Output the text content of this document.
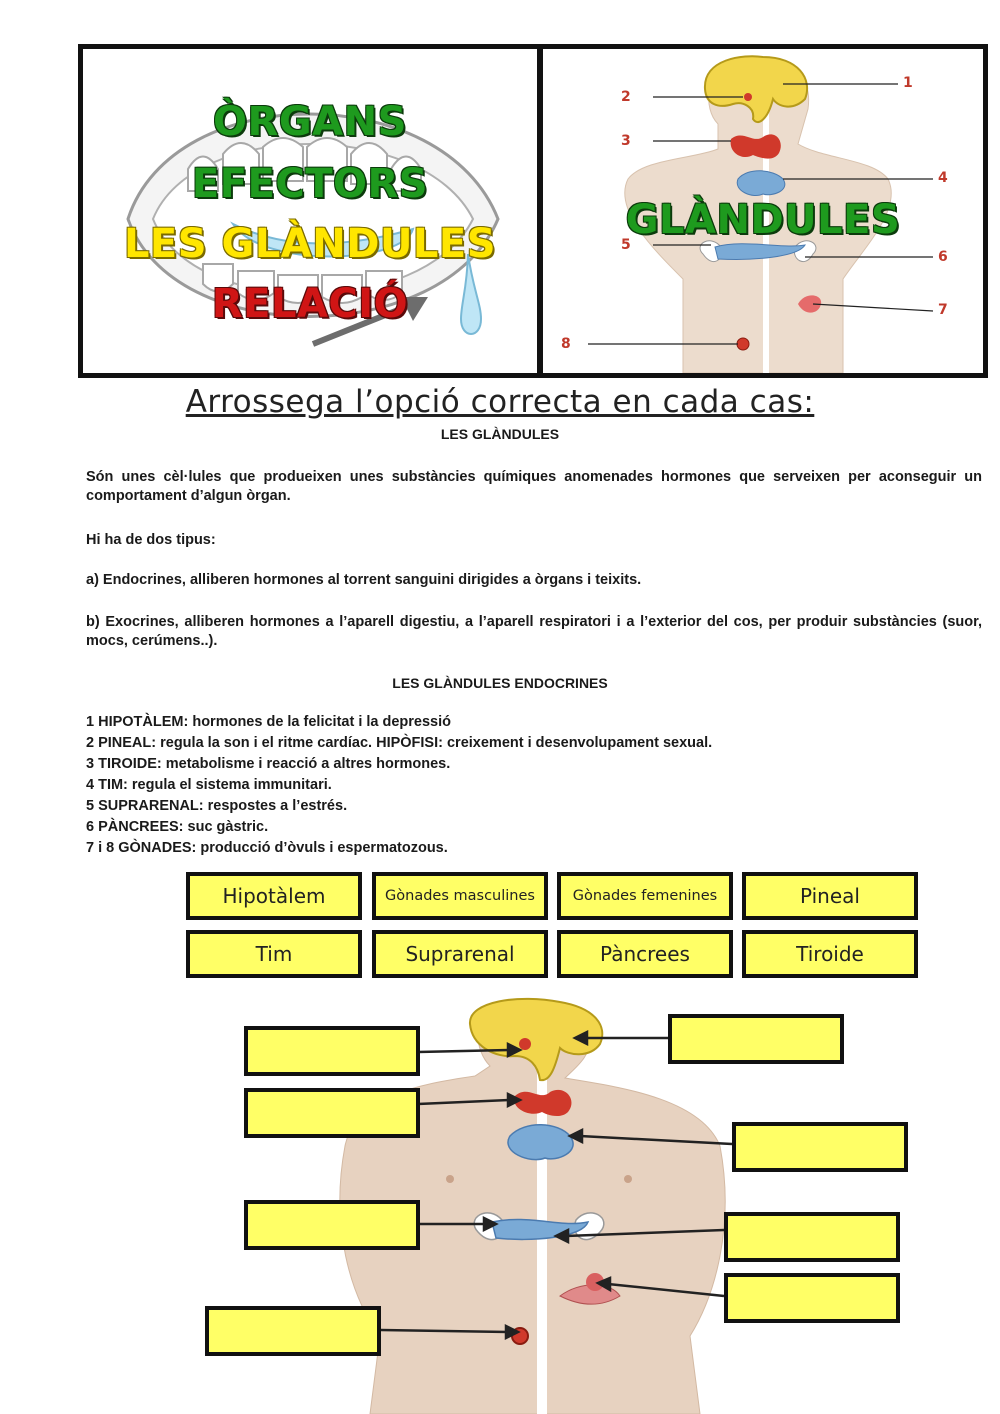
ÒRGANS
EFECTORS
LES GLÀNDULES
RELACIÓ
1
2
3
4
5
6
7
8
GLÀNDULES
Arrossega l’opció correcta en cada cas:
LES GLÀNDULES
Són unes cèl·lules que produeixen unes substàncies químiques anomenades hormones que serveixen per aconseguir un comportament d’algun òrgan.
Hi ha de dos tipus:
a) Endocrines, alliberen hormones al torrent sanguini dirigides a òrgans i teixits.
b) Exocrines, alliberen hormones a l’aparell digestiu, a l’aparell respiratori i a l’exterior del cos, per produir substàncies (suor, mocs, cerúmens..).
LES GLÀNDULES ENDOCRINES
1 HIPOTÀLEM: hormones de la felicitat i la depressió
2 PINEAL: regula la son i el ritme cardíac. HIPÒFISI: creixement i desenvolupament sexual.
3 TIROIDE: metabolisme i reacció a altres hormones.
4 TIM: regula el sistema immunitari.
5 SUPRARENAL: respostes a l’estrés.
6 PÀNCREES: suc gàstric.
7 i 8 GÒNADES: producció d’òvuls i espermatozous.
Hipotàlem	Gònades masculines	Gònades femenines	Pineal
Tim	Suprarenal	Pàncrees	Tiroide
